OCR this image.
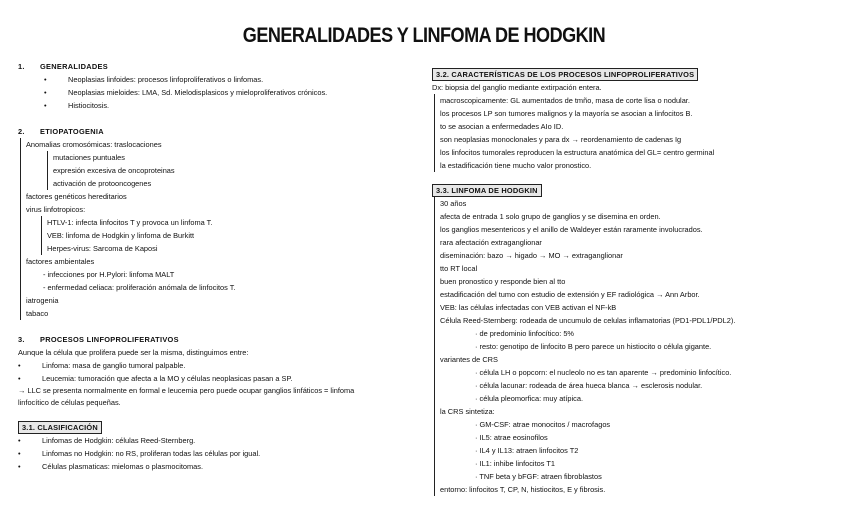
GENERALIDADES Y LINFOMA DE HODGKIN
1. GENERALIDADES
•	Neoplasias linfoides: procesos linfoproliferativos o linfomas.
•	Neoplasias mieloides: LMA, Sd. Mielodisplasicos y mieloproliferativos crónicos.
•	Histiocitosis.
2. ETIOPATOGENIA
Anomalias cromosómicas: traslocaciones
mutaciones puntuales
expresión excesiva de oncoproteinas
activación de protooncogenes
factores genéticos hereditarios
virus linfotropicos:
HTLV-1: infecta linfocitos T y provoca un linfoma T.
VEB: linfoma de Hodgkin y linfoma de Burkitt
Herpes-virus: Sarcoma de Kaposi
factores ambientales
- infecciones por H.Pylori: linfoma MALT
- enfermedad celiaca: proliferación anómala de linfocitos T.
iatrogenia
tabaco
3. PROCESOS LINFOPROLIFERATIVOS
Aunque la célula que prolifera puede ser la misma, distinguimos entre:
•	Linfoma: masa de ganglio tumoral palpable.
•	Leucemia: tumoración que afecta a la MO y células neoplasicas pasan a SP.
→ LLC se presenta normalmente en formal e leucemia pero puede ocupar ganglios linfáticos = linfoma linfocítico de células pequeñas.
3.1. CLASIFICACIÓN
•	Linfomas de Hodgkin: células Reed-Sternberg.
•	Linfomas no Hodgkin: no RS, proliferan todas las células por igual.
•	Células plasmaticas: mielomas o plasmocitomas.
3.2. CARACTERÍSTICAS DE LOS PROCESOS LINFOPROLIFERATIVOS
Dx: biopsia del ganglio mediante extirpación entera.
macroscopicamente: GL aumentados de tmño, masa de corte lisa o nodular.
los procesos LP son tumores malignos y la mayoría se asocian a linfocitos B.
to se asocian a enfermedades AIo ID.
son neoplasias monoclonales y para dx → reordenamiento de cadenas Ig
los linfocitos tumorales reproducen la estructura anatómica del GL= centro germinal
la estadificación tiene mucho valor pronostico.
3.3. LINFOMA DE HODGKIN
30 años
afecta de entrada 1 solo grupo de ganglios y se disemina en orden.
los ganglios mesentericos y el anillo de Waldeyer están raramente involucrados.
rara afectación extraganglionar
diseminación: bazo → higado → MO → extraganglionar
tto RT local
buen pronostico y responde bien al tto
estadificación del tumo con estudio de extensión y EF radiológica → Ann Arbor.
VEB: las células infectadas con VEB activan el NF-kB
Célula Reed-Sternberg: rodeada de uncumulo de celulas inflamatorias (PD1-PDL1/PDL2).
· de predominio linfocítico: 5%
· resto: genotipo de linfocito B pero parece un histiocito o célula gigante.
variantes de CRS
· célula LH o popcorn: el nucleolo no es tan aparente → predominio linfocítico.
· célula lacunar: rodeada de área hueca blanca → esclerosis nodular.
· célula pleomorfica: muy atípica.
la CRS sintetiza:
· GM-CSF: atrae monocitos / macrofagos
· IL5: atrae eosinofilos
· IL4 y IL13: atraen linfocitos T2
· IL1: inhibe linfocitos T1
· TNF beta y bFGF: atraen fibroblastos
entorno: linfocitos T, CP, N, histiocitos, E y fibrosis.
